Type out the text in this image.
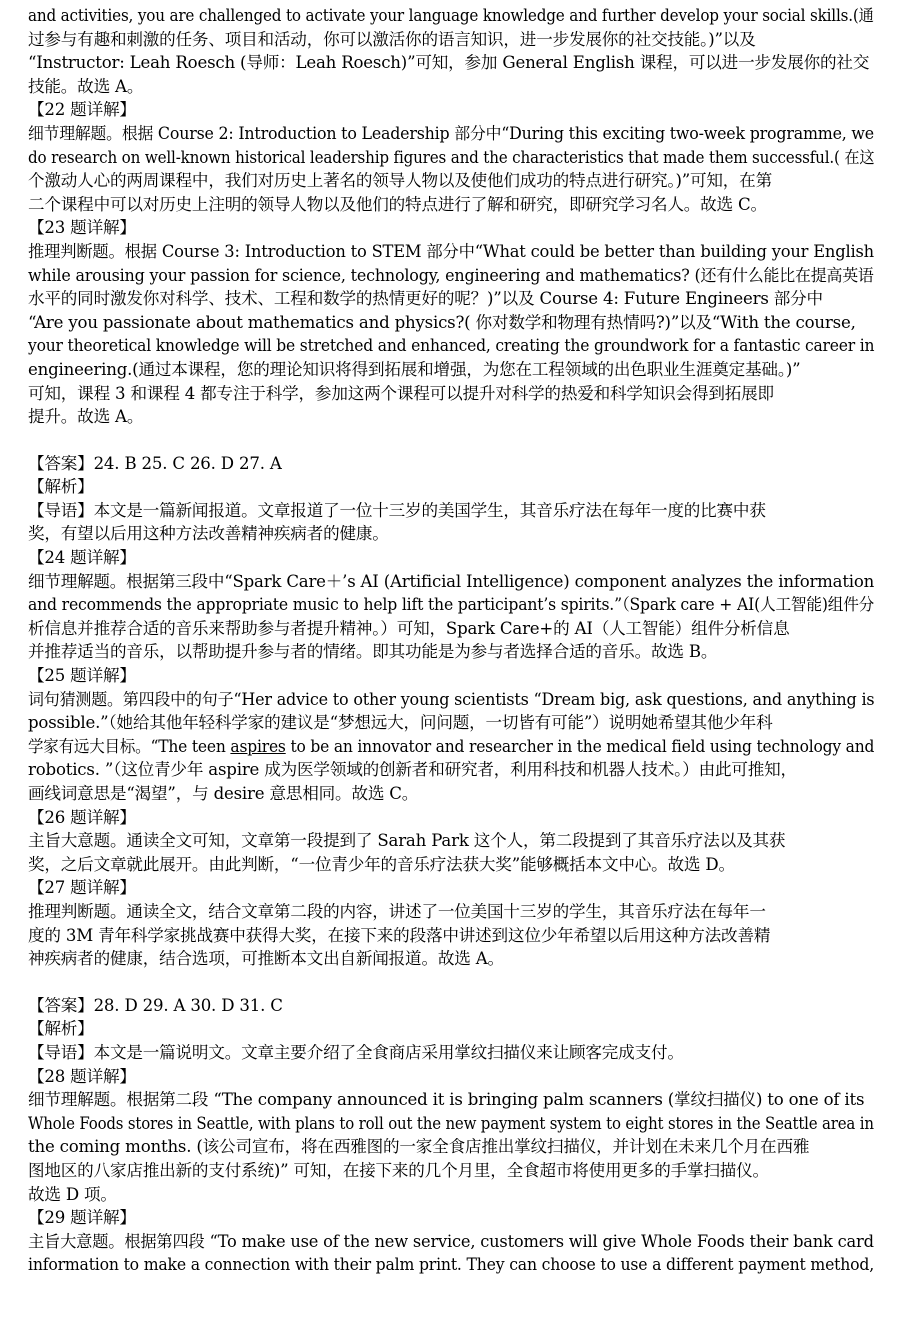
and activities, you are challenged to activate your language knowledge and further develop your social skills.(通
过参与有趣和刺激的任务、项目和活动，你可以激活你的语言知识，进一步发展你的社交技能。)”以及
“Instructor: Leah Roesch (导师：Leah Roesch)”可知，参加 General English 课程，可以进一步发展你的社交
技能。故选 A。
【22 题详解】
细节理解题。根据 Course 2: Introduction to Leadership 部分中“During this exciting two-week programme, we
do research on well-known historical leadership figures and the characteristics that made them successful.( 在这
个激动人心的两周课程中，我们对历史上著名的领导人物以及使他们成功的特点进行研究。)”可知，在第
二个课程中可以对历史上注明的领导人物以及他们的特点进行了解和研究，即研究学习名人。故选 C。
【23 题详解】
推理判断题。根据 Course 3: Introduction to STEM 部分中“What could be better than building your English
while arousing your passion for science, technology, engineering and mathematics? (还有什么能比在提高英语
水平的同时激发你对科学、技术、工程和数学的热情更好的呢？)”以及 Course 4: Future Engineers 部分中
“Are you passionate about mathematics and physics?( 你对数学和物理有热情吗?)”以及“With the course,
your theoretical knowledge will be stretched and enhanced, creating the groundwork for a fantastic career in
engineering.(通过本课程，您的理论知识将得到拓展和增强，为您在工程领域的出色职业生涯奠定基础。)”
可知，课程 3 和课程 4 都专注于科学，参加这两个课程可以提升对科学的热爱和科学知识会得到拓展即
提升。故选 A。
【答案】24. B 25. C 26. D 27. A
【解析】
【导语】本文是一篇新闻报道。文章报道了一位十三岁的美国学生，其音乐疗法在每年一度的比赛中获
奖，有望以后用这种方法改善精神疾病者的健康。
【24 题详解】
细节理解题。根据第三段中“Spark Care＋’s AI (Artificial Intelligence) component analyzes the information
and recommends the appropriate music to help lift the participant’s spirits.”（Spark care + AI(人工智能)组件分
析信息并推荐合适的音乐来帮助参与者提升精神。）可知，Spark Care+的 AI（人工智能）组件分析信息
并推荐适当的音乐，以帮助提升参与者的情绪。即其功能是为参与者选择合适的音乐。故选 B。
【25 题详解】
词句猜测题。第四段中的句子“Her advice to other young scientists “Dream big, ask questions, and anything is
possible.”（她给其他年轻科学家的建议是“梦想远大，问问题，一切皆有可能”）说明她希望其他少年科
学家有远大目标。“The teen aspires to be an innovator and researcher in the medical field using technology and
robotics. ”（这位青少年 aspire 成为医学领域的创新者和研究者，利用科技和机器人技术。）由此可推知，
画线词意思是“渴望”，与 desire 意思相同。故选 C。
【26 题详解】
主旨大意题。通读全文可知，文章第一段提到了 Sarah Park 这个人，第二段提到了其音乐疗法以及其获
奖，之后文章就此展开。由此判断，“一位青少年的音乐疗法获大奖”能够概括本文中心。故选 D。
【27 题详解】
推理判断题。通读全文，结合文章第二段的内容，讲述了一位美国十三岁的学生，其音乐疗法在每年一
度的 3M 青年科学家挑战赛中获得大奖，在接下来的段落中讲述到这位少年希望以后用这种方法改善精
神疾病者的健康，结合选项，可推断本文出自新闻报道。故选 A。
【答案】28. D 29. A 30. D 31. C
【解析】
【导语】本文是一篇说明文。文章主要介绍了全食商店采用掌纹扫描仪来让顾客完成支付。
【28 题详解】
细节理解题。根据第二段 “The company announced it is bringing palm scanners (掌纹扫描仪) to one of its
Whole Foods stores in Seattle, with plans to roll out the new payment system to eight stores in the Seattle area in
the coming months. (该公司宣布，将在西雅图的一家全食店推出掌纹扫描仪，并计划在未来几个月在西雅
图地区的八家店推出新的支付系统)” 可知，在接下来的几个月里，全食超市将使用更多的手掌扫描仪。
故选 D 项。
【29 题详解】
主旨大意题。根据第四段 “To make use of the new service, customers will give Whole Foods their bank card
information to make a connection with their palm print. They can choose to use a different payment method,
